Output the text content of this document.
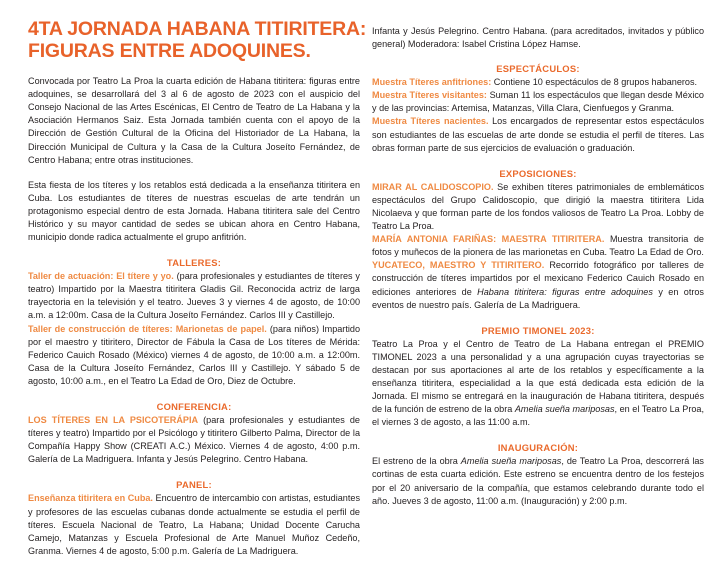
4TA JORNADA HABANA TITIRITERA:
FIGURAS ENTRE ADOQUINES.

Convocada por Teatro La Proa la cuarta edición de Habana titiritera: figuras entre adoquines, se desarrollará del 3 al 6 de agosto de 2023 con el auspicio del Consejo Nacional de las Artes Escénicas, El Centro de Teatro de La Habana y la Asociación Hermanos Saiz. Esta Jornada también cuenta con el apoyo de la Dirección de Gestión Cultural de la Oficina del Historiador de La Habana, la Dirección Municipal de Cultura y la Casa de la Cultura Joseíto Fernández, de Centro Habana; entre otras instituciones.

Esta fiesta de los títeres y los retablos está dedicada a la enseñanza titiritera en Cuba. Los estudiantes de títeres de nuestras escuelas de arte tendrán un protagonismo especial dentro de esta Jornada. Habana titiritera sale del Centro Histórico y su mayor cantidad de sedes se ubican ahora en Centro Habana, municipio donde radica actualmente el grupo anfitrión.

TALLERES:

Taller de actuación: El títere y yo. (para profesionales y estudiantes de títeres y teatro) Impartido por la Maestra titiritera Gladis Gil. Reconocida actriz de larga trayectoria en la televisión y el teatro. Jueves 3 y viernes 4 de agosto, de 10:00 a.m. a 12:00m. Casa de la Cultura Joseíto Fernández. Carlos III y Castillejo.

Taller de construcción de títeres: Marionetas de papel. (para niños) Impartido por el maestro y titiritero, Director de Fábula la Casa de Los títeres de Mérida: Federico Cauich Rosado (México) viernes 4 de agosto, de 10:00 a.m. a 12:00m. Casa de la Cultura Joseíto Fernández, Carlos III y Castillejo. Y sábado 5 de agosto, 10:00 a.m., en el Teatro La Edad de Oro, Diez de Octubre.

CONFERENCIA:

LOS TÍTERES EN LA PSICOTERÁPIA (para profesionales y estudiantes de títeres y teatro) Impartido por el Psicólogo y titiritero Gilberto Palma, Director de la Compañía Happy Show (CREATI A.C.) México. Viernes 4 de agosto, 4:00 p.m. Galería de La Madriguera. Infanta y Jesús Pelegrino. Centro Habana.

PANEL:

Enseñanza titiritera en Cuba. Encuentro de intercambio con artistas, estudiantes y profesores de las escuelas cubanas donde actualmente se estudia el perfil de títeres. Escuela Nacional de Teatro, La Habana; Unidad Docente Carucha Camejo, Matanzas y Escuela Profesional de Arte Manuel Muñoz Cedeño, Granma. Viernes 4 de agosto, 5:00 p.m. Galería de La Madriguera.

Infanta y Jesús Pelegrino. Centro Habana. (para acreditados, invitados y público general) Moderadora: Isabel Cristina López Hamse.

ESPECTÁCULOS:

Muestra Títeres anfitriones: Contiene 10 espectáculos de 8 grupos habaneros.

Muestra Títeres visitantes: Suman 11 los espectáculos que llegan desde México y de las provincias: Artemisa, Matanzas, Villa Clara, Cienfuegos y Granma.

Muestra Títeres nacientes. Los encargados de representar estos espectáculos son estudiantes de las escuelas de arte donde se estudia el perfil de títeres. Las obras forman parte de sus ejercicios de evaluación o graduación.

EXPOSICIONES:

MIRAR AL CALIDOSCOPIO. Se exhiben títeres patrimoniales de emblemáticos espectáculos del Grupo Calidoscopio, que dirigió la maestra titiritera Lida Nicolaeva y que forman parte de los fondos valiosos de Teatro La Proa. Lobby de Teatro La Proa.

MARÍA ANTONIA FARIÑAS: MAESTRA TITIRITERA. Muestra transitoria de fotos y muñecos de la pionera de las marionetas en Cuba. Teatro La Edad de Oro.

YUCATECO, MAESTRO Y TITIRITERO. Recorrido fotográfico por talleres de construcción de títeres impartidos por el mexicano Federico Cauich Rosado en ediciones anteriores de Habana titiritera: figuras entre adoquines y en otros eventos de nuestro país. Galería de La Madriguera.

PREMIO TIMONEL 2023:

Teatro La Proa y el Centro de Teatro de La Habana entregan el PREMIO TIMONEL 2023 a una personalidad y a una agrupación cuyas trayectorias se destacan por sus aportaciones al arte de los retablos y específicamente a la enseñanza titiritera, especialidad a la que está dedicada esta edición de la Jornada. El mismo se entregará en la inauguración de Habana titiritera, después de la función de estreno de la obra Amelia sueña mariposas, en el Teatro La Proa, el viernes 3 de agosto, a las 11:00 a.m.

INAUGURACIÓN:

El estreno de la obra Amelia sueña mariposas, de Teatro La Proa, descorrerá las cortinas de esta cuarta edición. Este estreno se encuentra dentro de los festejos por el 20 aniversario de la compañía, que estamos celebrando durante todo el año. Jueves 3 de agosto, 11:00 a.m. (Inauguración) y 2:00 p.m.
